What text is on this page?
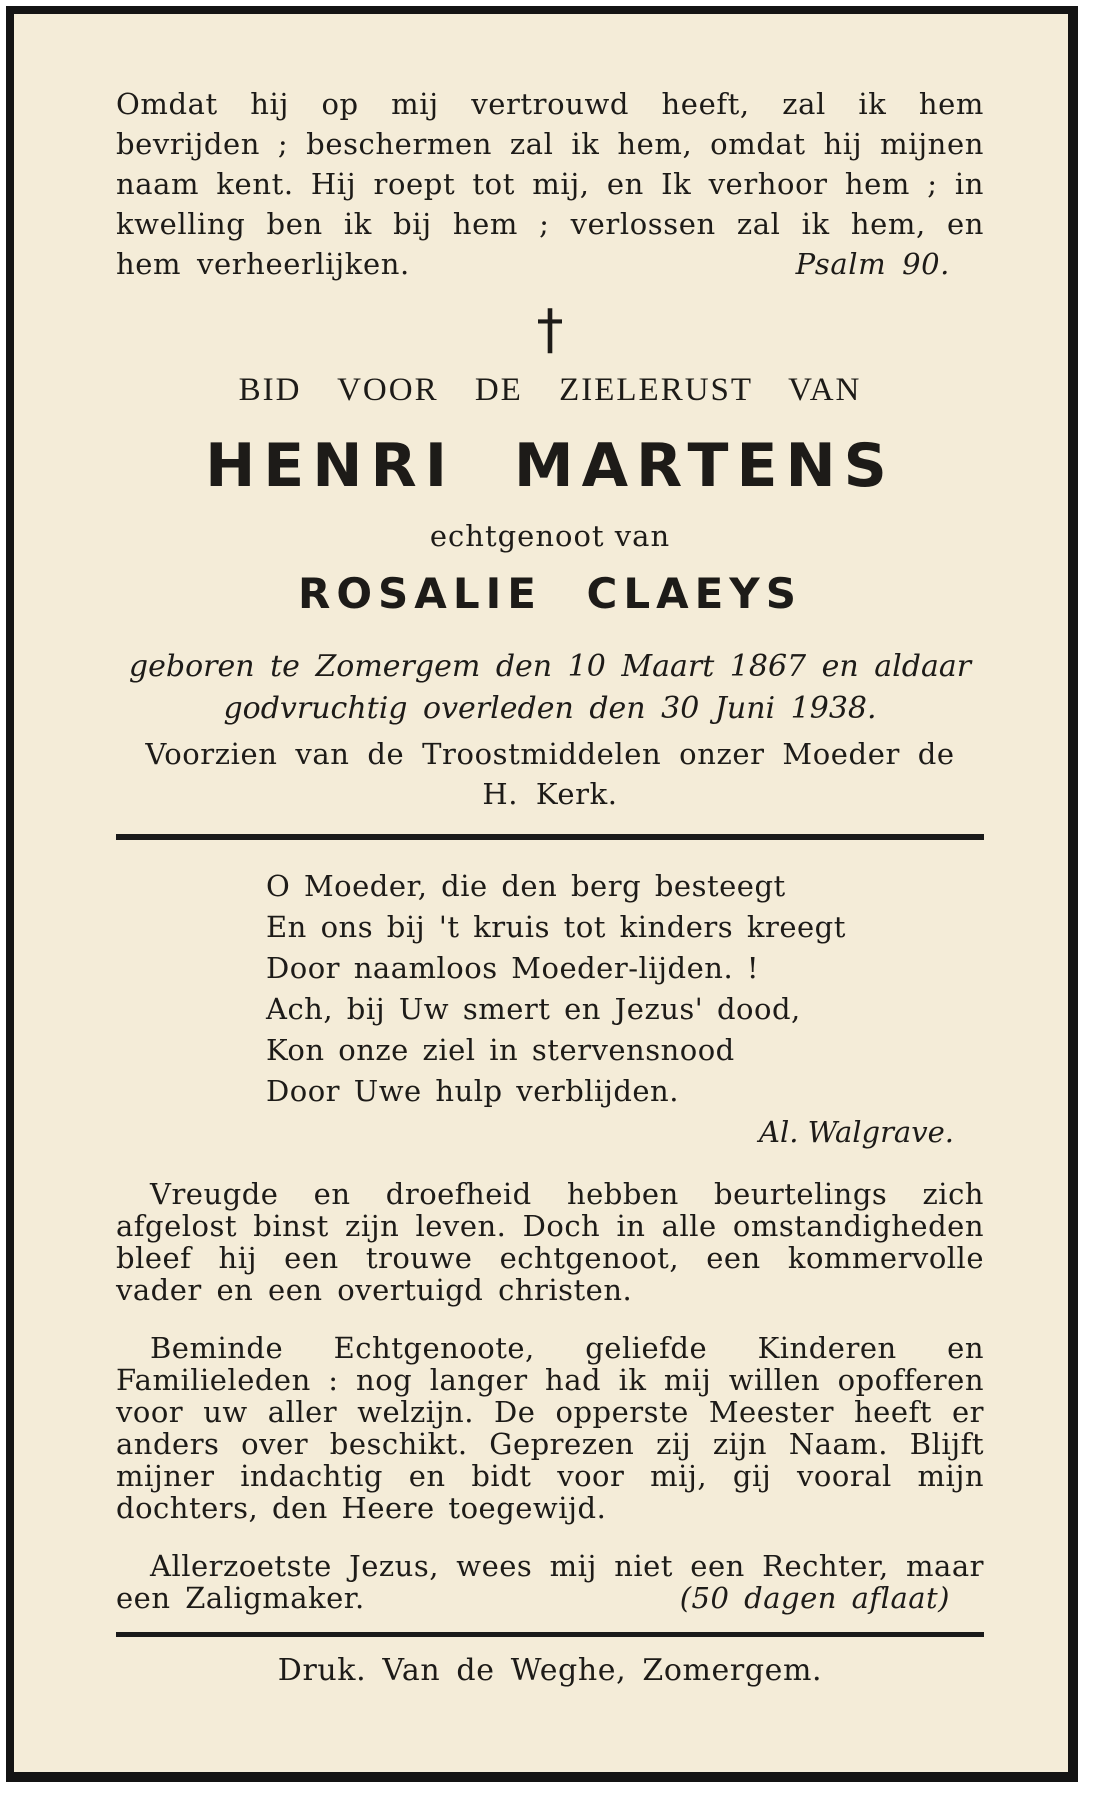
Omdat hij op mij vertrouwd heeft, zal ik hem bevrijden ; beschermen zal ik hem, omdat hij mijnen naam kent. Hij roept tot mij, en Ik verhoor hem ; in kwelling ben ik bij hem ; verlossen zal ik hem, en hem verheerlijken.	Psalm 90.

†
BID VOOR DE ZIELERUST VAN
HENRI MARTENS
echtgenoot van
ROSALIE CLAEYS
geboren te Zomergem den 10 Maart 1867 en aldaar
godvruchtig overleden den 30 Juni 1938.
Voorzien van de Troostmiddelen onzer Moeder de
H. Kerk.
O Moeder, die den berg besteegt
En ons bij 't kruis tot kinders kreegt
Door naamloos Moeder-lijden. !
Ach, bij Uw smert en Jezus' dood,
Kon onze ziel in stervensnood
Door Uwe hulp verblijden.
Al. Walgrave.

Vreugde en droefheid hebben beurtelings zich afgelost binst zijn leven. Doch in alle omstandigheden bleef hij een trouwe echtgenoot, een kommervolle vader en een overtuigd christen.

Beminde Echtgenoote, geliefde Kinderen en Familieleden : nog langer had ik mij willen opofferen voor uw aller welzijn. De opperste Meester heeft er anders over beschikt. Geprezen zij zijn Naam. Blijft mijner indachtig en bidt voor mij, gij vooral mijn dochters, den Heere toegewijd.

Allerzoetste Jezus, wees mij niet een Rechter, maar een Zaligmaker.	(50 dagen aflaat)

Druk. Van de Weghe, Zomergem.
